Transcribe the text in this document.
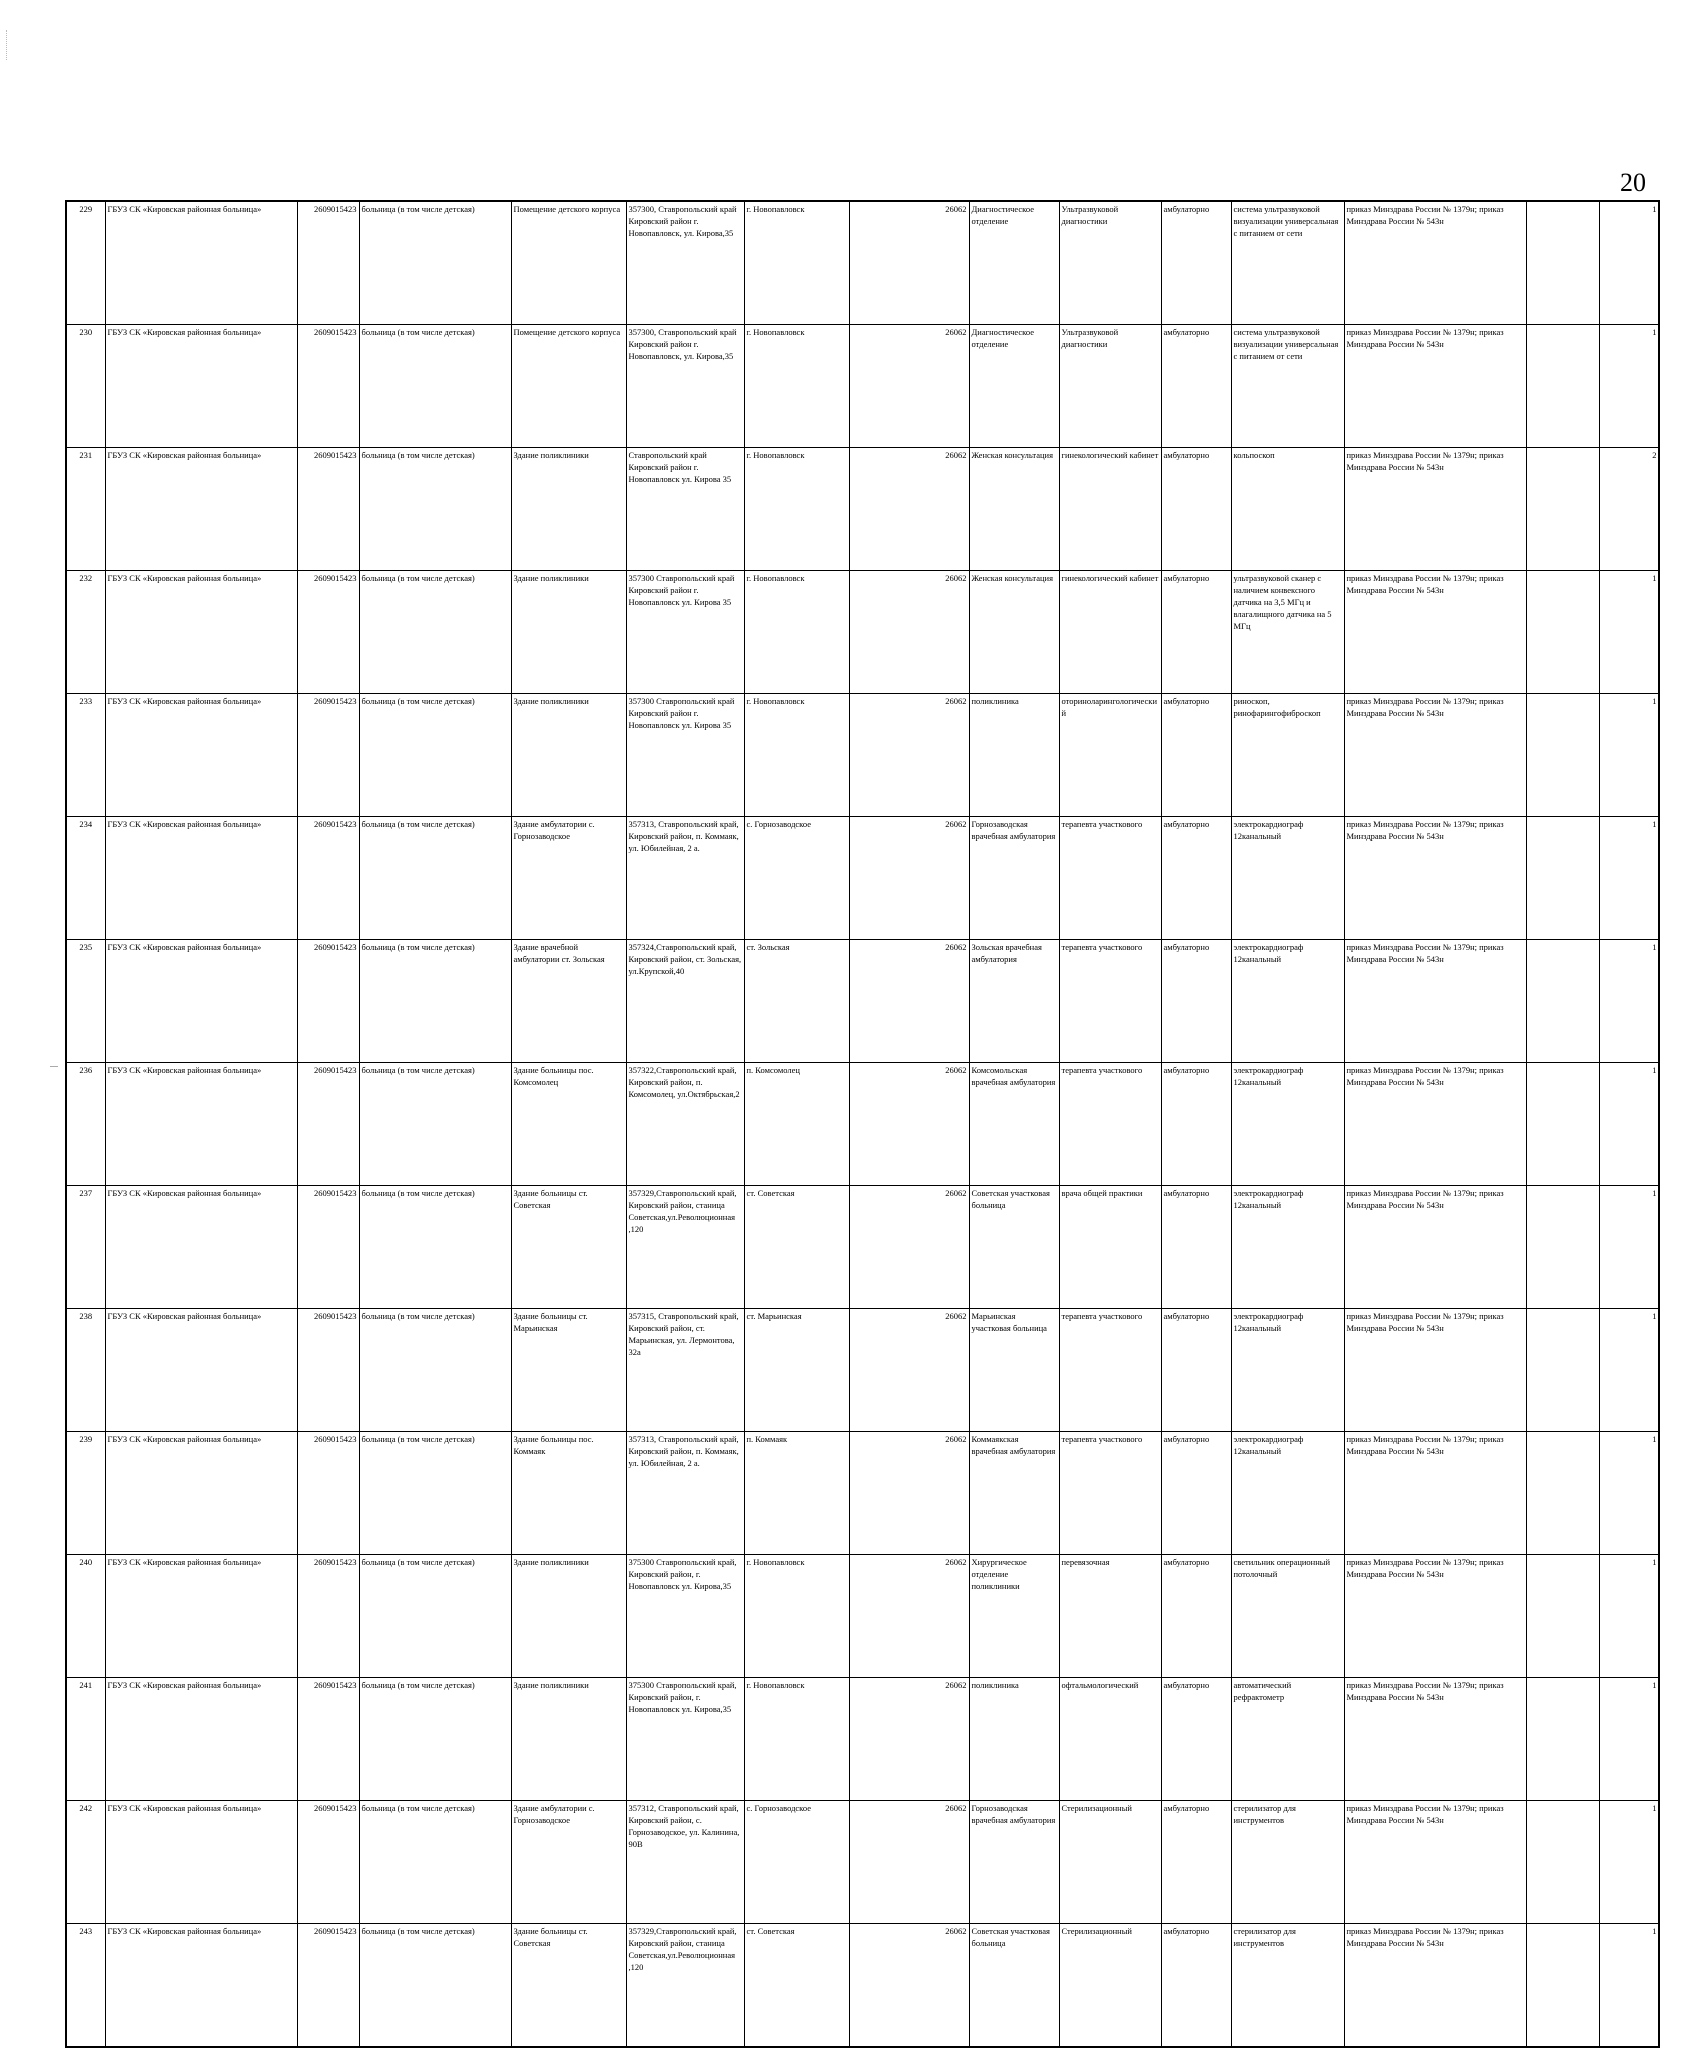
20
229	ГБУЗ СК «Кировская районная больница»	2609015423	больница (в том числе детская)	Помещение детского корпуса	357300, Ставропольский край Кировский район г. Новопавловск, ул. Кирова,35	г. Новопавловск	26062	Диагностическое отделение	Ультразвуковой диагностики	амбулаторно	система ультразвуковой визуализации универсальная с питанием от сети	приказ Минздрава России № 1379н; приказ Минздрава России № 543н		1	
230	ГБУЗ СК «Кировская районная больница»	2609015423	больница (в том числе детская)	Помещение детского корпуса	357300, Ставропольский край Кировский район г. Новопавловск, ул. Кирова,35	г. Новопавловск	26062	Диагностическое отделение	Ультразвуковой диагностики	амбулаторно	система ультразвуковой визуализации универсальная с питанием от сети	приказ Минздрава России № 1379н; приказ Минздрава России № 543н		1	
231	ГБУЗ СК «Кировская районная больница»	2609015423	больница (в том числе детская)	Здание поликлиники	Ставропольский край Кировский район г. Новопавловск ул. Кирова 35	г. Новопавловск	26062	Женская консультация	гинекологический кабинет	амбулаторно	кольпоскоп	приказ Минздрава России № 1379н; приказ Минздрава России № 543н		2	
232	ГБУЗ СК «Кировская районная больница»	2609015423	больница (в том числе детская)	Здание поликлиники	357300 Ставропольский край Кировский район г. Новопавловск ул. Кирова 35	г. Новопавловск	26062	Женская консультация	гинекологический кабинет	амбулаторно	ультразвуковой сканер с наличием конвексного датчика на 3,5 МГц и влагалищного датчика на 5 МГц	приказ Минздрава России № 1379н; приказ Минздрава России № 543н		1	
233	ГБУЗ СК «Кировская районная больница»	2609015423	больница (в том числе детская)	Здание поликлиники	357300 Ставропольский край Кировский район г. Новопавловск ул. Кирова 35	г. Новопавловск	26062	поликлиника	оториноларингологический	амбулаторно	риноскоп, ринофарингофиброскоп	приказ Минздрава России № 1379н; приказ Минздрава России № 543н		1	
234	ГБУЗ СК «Кировская районная больница»	2609015423	больница (в том числе детская)	Здание амбулатории с. Горнозаводское	357313, Ставропольский край, Кировский район, п. Коммаяк, ул. Юбилейная, 2 а.	с. Горнозаводское	26062	Горнозаводская врачебная амбулатория	терапевта участкового	амбулаторно	электрокардиограф 12канальный	приказ Минздрава России № 1379н; приказ Минздрава России № 543н		1	
235	ГБУЗ СК «Кировская районная больница»	2609015423	больница (в том числе детская)	Здание врачебной амбулатории ст. Зольская	357324,Ставропольский край, Кировский район, ст. Зольская, ул.Крупской,40	ст. Зольская	26062	Зольская врачебная амбулатория	терапевта участкового	амбулаторно	электрокардиограф 12канальный	приказ Минздрава России № 1379н; приказ Минздрава России № 543н		1	
236	ГБУЗ СК «Кировская районная больница»	2609015423	больница (в том числе детская)	Здание больницы пос. Комсомолец	357322,Ставропольский край, Кировский район, п. Комсомолец, ул.Октябрьская,2	п. Комсомолец	26062	Комсомольская врачебная амбулатория	терапевта участкового	амбулаторно	электрокардиограф 12канальный	приказ Минздрава России № 1379н; приказ Минздрава России № 543н		1	
237	ГБУЗ СК «Кировская районная больница»	2609015423	больница (в том числе детская)	Здание больницы ст. Советская	357329,Ставропольский край, Кировский район, станица Советская,ул.Революционная ,120	ст. Советская	26062	Советская участковая больница	врача общей практики	амбулаторно	электрокардиограф 12канальный	приказ Минздрава России № 1379н; приказ Минздрава России № 543н		1	
238	ГБУЗ СК «Кировская районная больница»	2609015423	больница (в том числе детская)	Здание больницы ст. Марьинская	357315, Ставропольский край, Кировский район, ст. Марьинская, ул. Лермонтова, 32а	ст. Марьинская	26062	Марьинская участковая больница	терапевта участкового	амбулаторно	электрокардиограф 12канальный	приказ Минздрава России № 1379н; приказ Минздрава России № 543н		1	
239	ГБУЗ СК «Кировская районная больница»	2609015423	больница (в том числе детская)	Здание больницы пос. Коммаяк	357313, Ставропольский край, Кировский район, п. Коммаяк, ул. Юбилейная, 2 а.	п. Коммаяк	26062	Коммаякская врачебная амбулатория	терапевта участкового	амбулаторно	электрокардиограф 12канальный	приказ Минздрава России № 1379н; приказ Минздрава России № 543н		1	
240	ГБУЗ СК «Кировская районная больница»	2609015423	больница (в том числе детская)	Здание поликлиники	375300 Ставропольский край, Кировский район, г. Новопавловск ул. Кирова,35	г. Новопавловск	26062	Хирургическое отделение поликлиники	перевязочная	амбулаторно	светильник операционный потолочный	приказ Минздрава России № 1379н; приказ Минздрава России № 543н		1	
241	ГБУЗ СК «Кировская районная больница»	2609015423	больница (в том числе детская)	Здание поликлиники	375300 Ставропольский край, Кировский район, г. Новопавловск ул. Кирова,35	г. Новопавловск	26062	поликлиника	офтальмологический	амбулаторно	автоматический рефрактометр	приказ Минздрава России № 1379н; приказ Минздрава России № 543н		1	
242	ГБУЗ СК «Кировская районная больница»	2609015423	больница (в том числе детская)	Здание амбулатории с. Горнозаводское	357312, Ставропольский край, Кировский район, с. Горнозаводское, ул. Калинина, 90В	с. Горнозаводское	26062	Горнозаводская врачебная амбулатория	Стерилизационный	амбулаторно	стерилизатор для инструментов	приказ Минздрава России № 1379н; приказ Минздрава России № 543н		1	
243	ГБУЗ СК «Кировская районная больница»	2609015423	больница (в том числе детская)	Здание больницы ст. Советская	357329,Ставропольский край, Кировский район, станица Советская,ул.Революционная ,120	ст. Советская	26062	Советская участковая больница	Стерилизационный	амбулаторно	стерилизатор для инструментов	приказ Минздрава России № 1379н; приказ Минздрава России № 543н		1	
